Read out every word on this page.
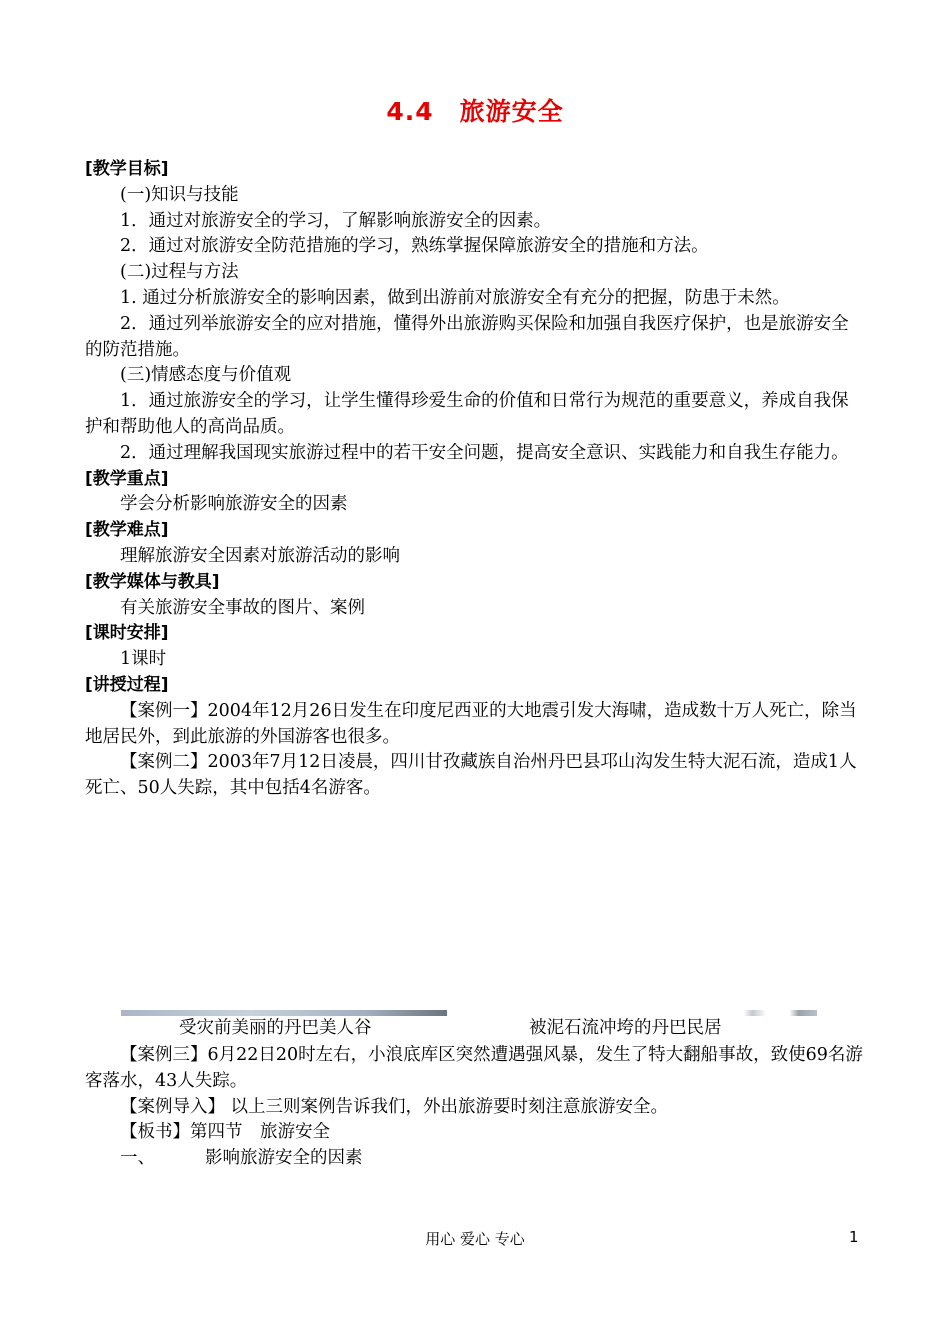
4.4　旅游安全

[教学目标]

(一)知识与技能

1．通过对旅游安全的学习，了解影响旅游安全的因素。

2．通过对旅游安全防范措施的学习，熟练掌握保障旅游安全的措施和方法。

(二)过程与方法

1. 通过分析旅游安全的影响因素，做到出游前对旅游安全有充分的把握，防患于未然。

2．通过列举旅游安全的应对措施，懂得外出旅游购买保险和加强自我医疗保护，也是旅游安全的防范措施。

(三)情感态度与价值观

1．通过旅游安全的学习，让学生懂得珍爱生命的价值和日常行为规范的重要意义，养成自我保护和帮助他人的高尚品质。

2．通过理解我国现实旅游过程中的若干安全问题，提高安全意识、实践能力和自我生存能力。

[教学重点]

学会分析影响旅游安全的因素

[教学难点]

理解旅游安全因素对旅游活动的影响

[教学媒体与教具]

有关旅游安全事故的图片、案例

[课时安排]

1课时

[讲授过程]

【案例一】2004年12月26日发生在印度尼西亚的大地震引发大海啸，造成数十万人死亡，除当地居民外，到此旅游的外国游客也很多。

【案例二】2003年7月12日凌晨，四川甘孜藏族自治州丹巴县邛山沟发生特大泥石流，造成1人死亡、50人失踪，其中包括4名游客。

受灾前美丽的丹巴美人谷	被泥石流冲垮的丹巴民居

【案例三】6月22日20时左右，小浪底库区突然遭遇强风暴，发生了特大翻船事故，致使69名游客落水，43人失踪。

【案例导入】 以上三则案例告诉我们，外出旅游要时刻注意旅游安全。

【板书】第四节　旅游安全

一、	影响旅游安全的因素

用心 爱心 专心	1
